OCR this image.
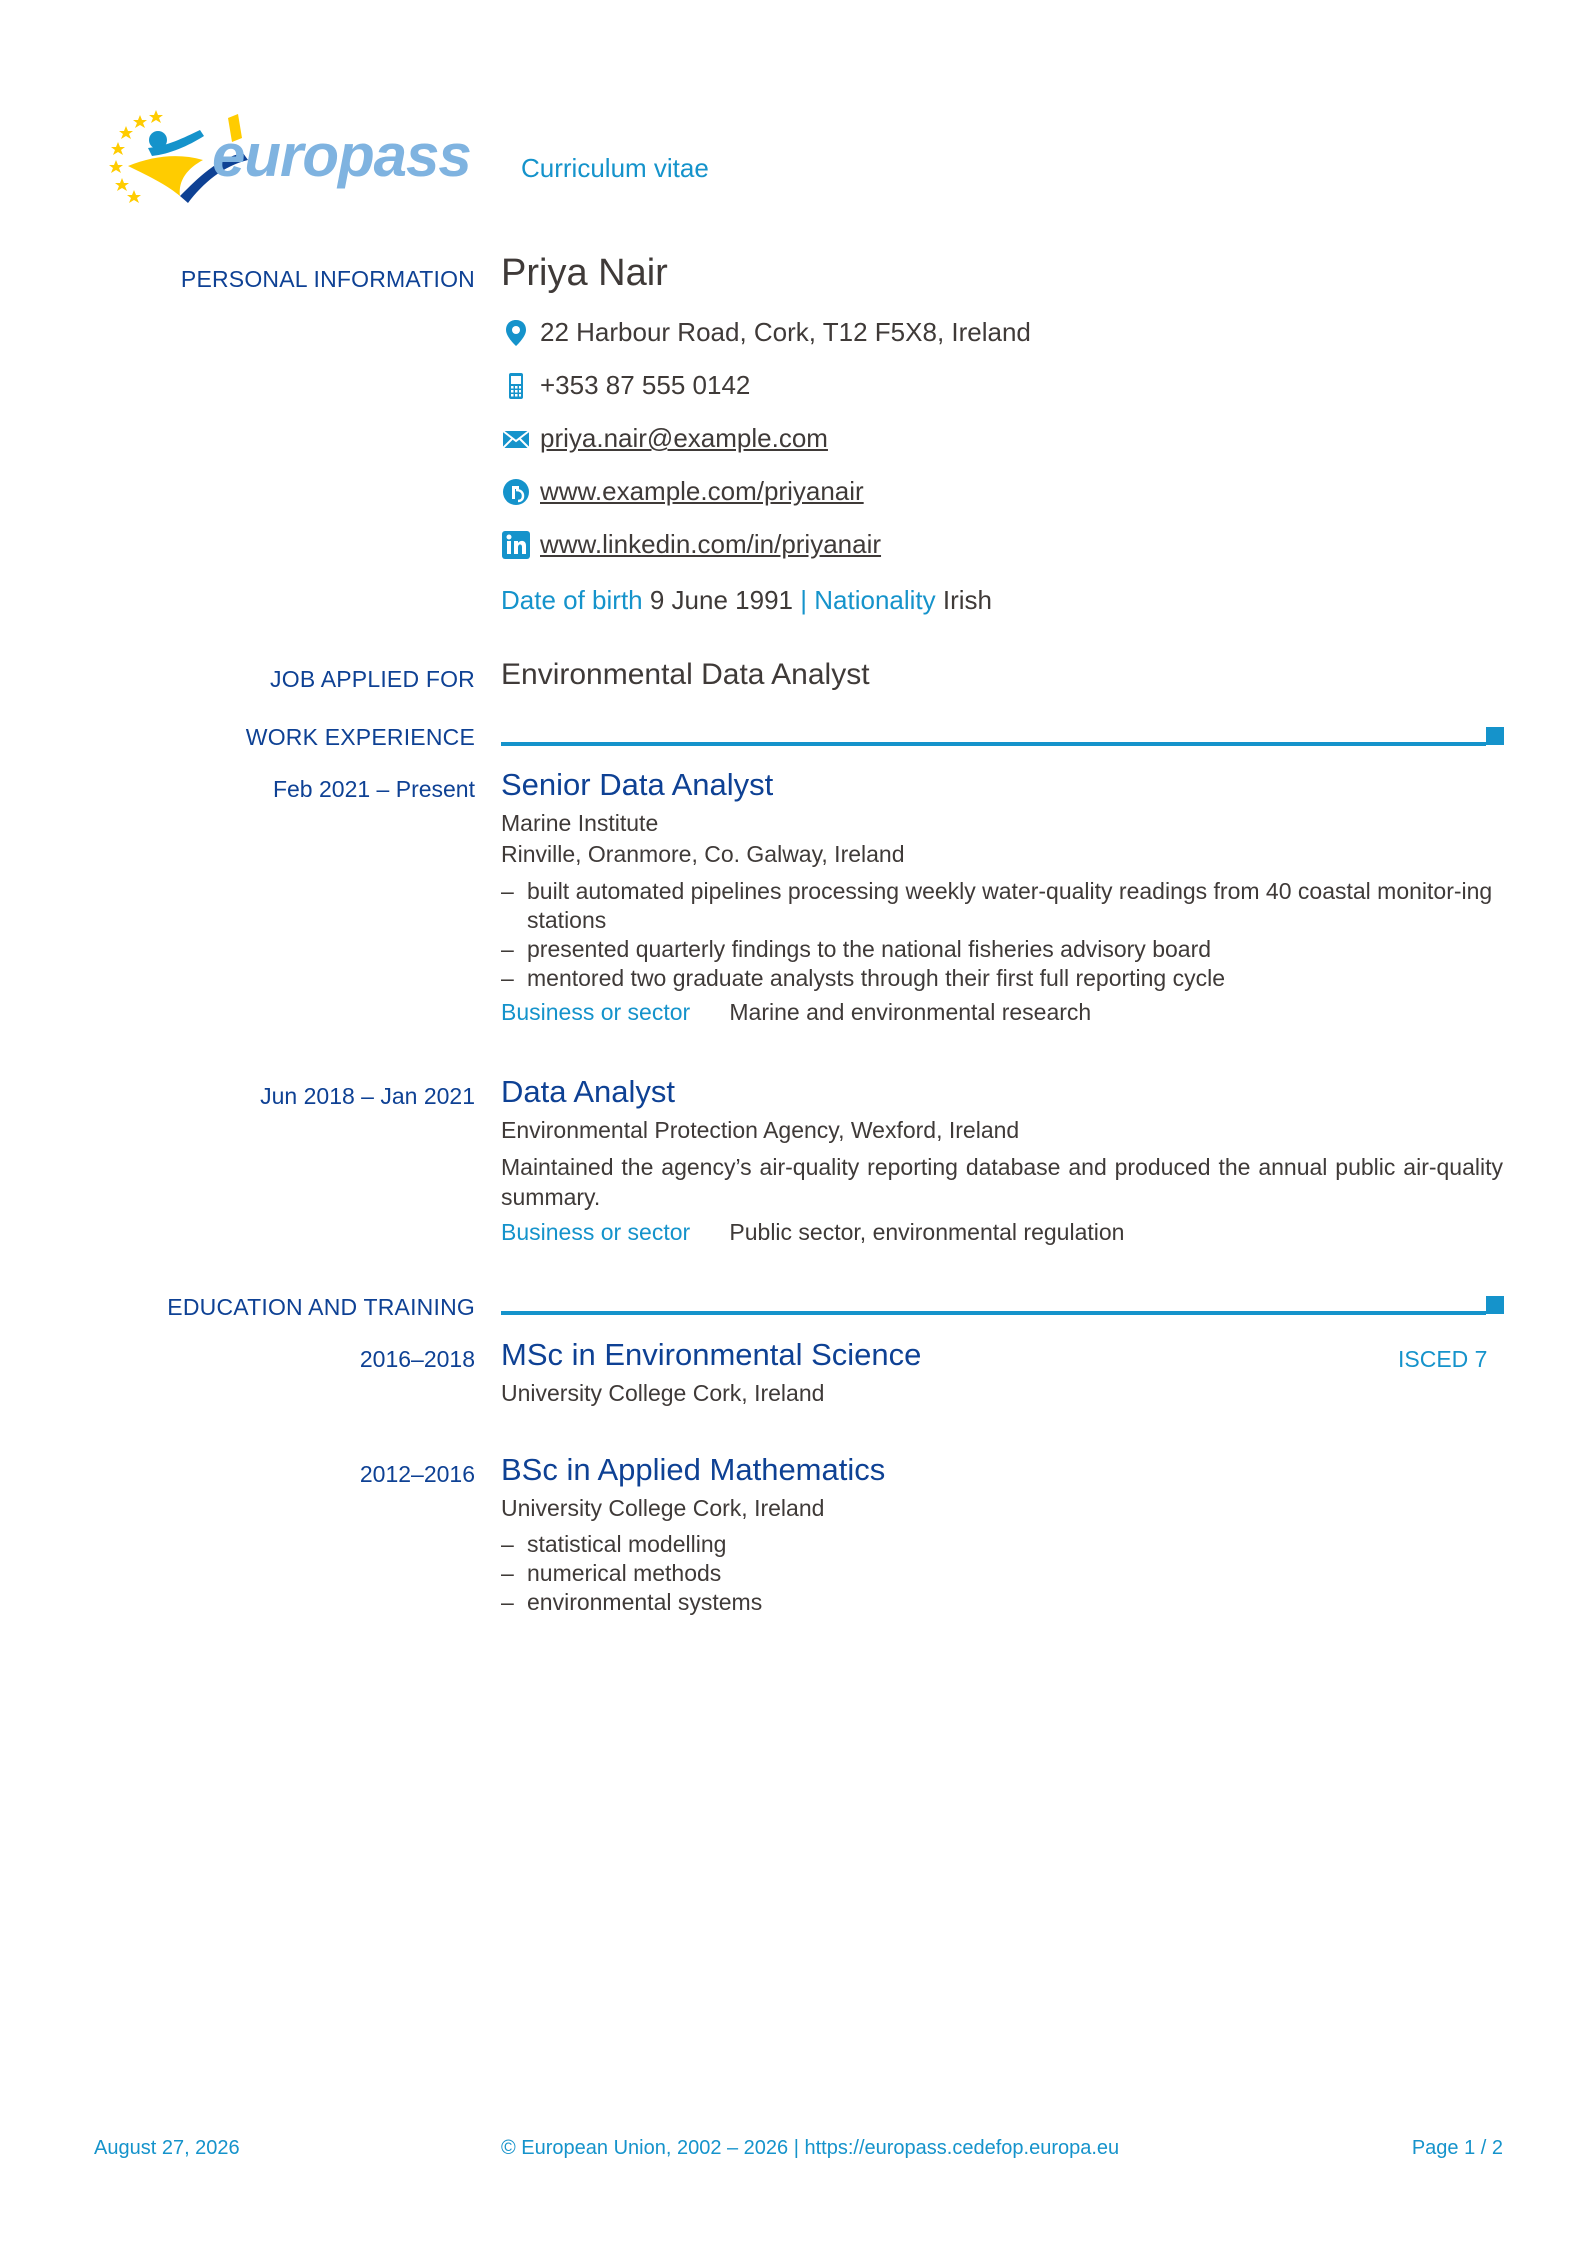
europass Curriculum vitae
PERSONAL INFORMATION Priya Nair
22 Harbour Road, Cork, T12 F5X8, Ireland
+353 87 555 0142
priya.nair@example.com
www.example.com/priyanair
www.linkedin.com/in/priyanair
Date of birth 9 June 1991 | Nationality Irish
JOB APPLIED FOR Environmental Data Analyst
WORK EXPERIENCE
Feb 2021 – Present Senior Data Analyst
Marine Institute
Rinville, Oranmore, Co. Galway, Ireland
– built automated pipelines processing weekly water-quality readings from 40 coastal monitor-ing stations
– presented quarterly findings to the national fisheries advisory board
– mentored two graduate analysts through their first full reporting cycle
Business or sector Marine and environmental research
Jun 2018 – Jan 2021 Data Analyst
Environmental Protection Agency, Wexford, Ireland
Maintained the agency’s air-quality reporting database and produced the annual public air-quality summary.
Business or sector Public sector, environmental regulation
EDUCATION AND TRAINING
2016–2018 MSc in Environmental Science
University College Cork, Ireland
ISCED 7
2012–2016 BSc in Applied Mathematics
University College Cork, Ireland
– statistical modelling
– numerical methods
– environmental systems
August 27, 2026	© European Union, 2002 – 2026 | https://europass.cedefop.europa.eu	Page 1 / 2
